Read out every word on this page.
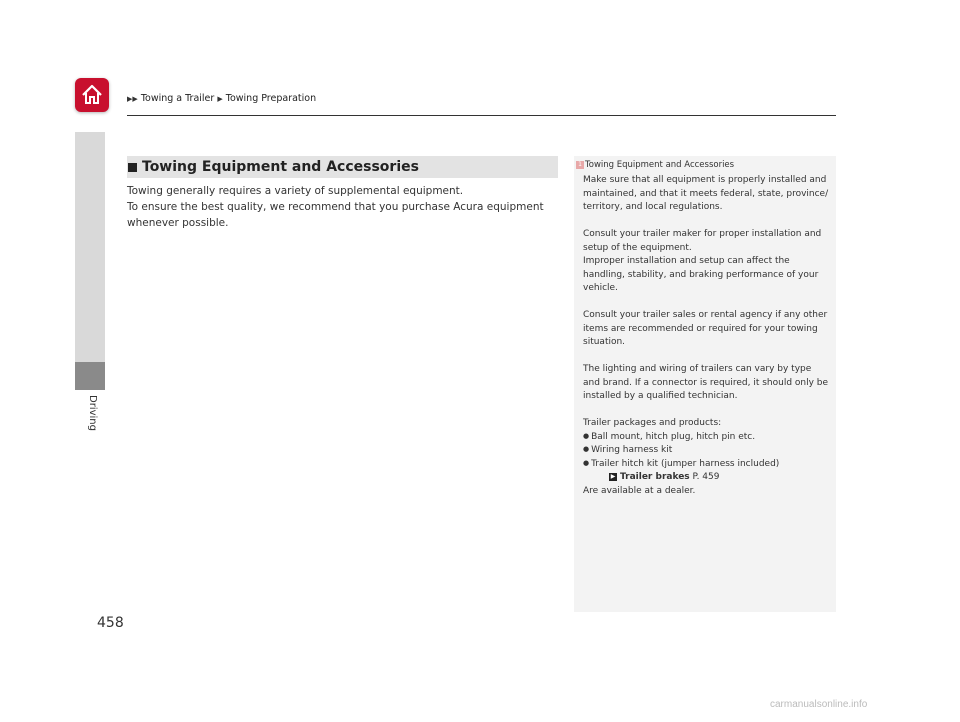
▶▶ Towing a Trailer ▶ Towing Preparation
Driving
Towing Equipment and Accessories

Towing generally requires a variety of supplemental equipment.

To ensure the best quality, we recommend that you purchase Acura equipment whenever possible.

1 Towing Equipment and Accessories

Make sure that all equipment is properly installed and maintained, and that it meets federal, state, province/ territory, and local regulations.

Consult your trailer maker for proper installation and setup of the equipment.

Improper installation and setup can affect the handling, stability, and braking performance of your vehicle.

Consult your trailer sales or rental agency if any other items are recommended or required for your towing situation.

The lighting and wiring of trailers can vary by type and brand. If a connector is required, it should only be installed by a qualified technician.

Trailer packages and products:

● Ball mount, hitch plug, hitch pin etc.

● Wiring harness kit

● Trailer hitch kit (jumper harness included)

▶ Trailer brakes P. 459

Are available at a dealer.

458
carmanualsonline.info
